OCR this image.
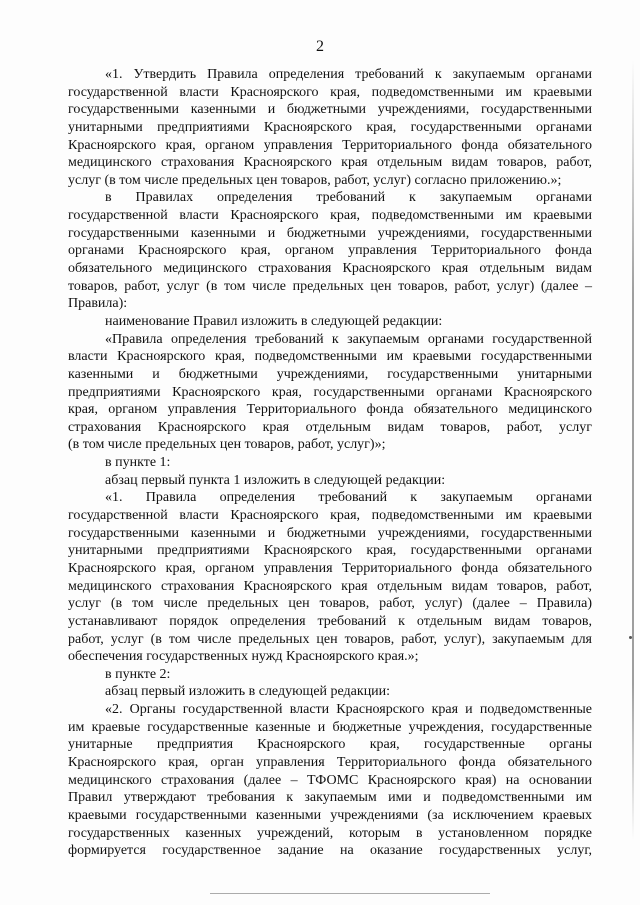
2
«1. Утвердить Правила определения требований к закупаемым органами
государственной власти Красноярского края, подведомственными им краевыми
государственными казенными и бюджетными учреждениями, государственными
унитарными предприятиями Красноярского края, государственными органами
Красноярского края, органом управления Территориального фонда обязательного
медицинского страхования Красноярского края отдельным видам товаров, работ,
услуг (в том числе предельных цен товаров, работ, услуг) согласно приложению.»;
в Правилах определения требований к закупаемым органами
государственной власти Красноярского края, подведомственными им краевыми
государственными казенными и бюджетными учреждениями, государственными
органами Красноярского края, органом управления Территориального фонда
обязательного медицинского страхования Красноярского края отдельным видам
товаров, работ, услуг (в том числе предельных цен товаров, работ, услуг) (далее –
Правила):
наименование Правил изложить в следующей редакции:
«Правила определения требований к закупаемым органами государственной
власти Красноярского края, подведомственными им краевыми государственными
казенными и бюджетными учреждениями, государственными унитарными
предприятиями Красноярского края, государственными органами Красноярского
края, органом управления Территориального фонда обязательного медицинского
страхования Красноярского края отдельным видам товаров, работ, услуг
(в том числе предельных цен товаров, работ, услуг)»;
в пункте 1:
абзац первый пункта 1 изложить в следующей редакции:
«1. Правила определения требований к закупаемым органами
государственной власти Красноярского края, подведомственными им краевыми
государственными казенными и бюджетными учреждениями, государственными
унитарными предприятиями Красноярского края, государственными органами
Красноярского края, органом управления Территориального фонда обязательного
медицинского страхования Красноярского края отдельным видам товаров, работ,
услуг (в том числе предельных цен товаров, работ, услуг) (далее – Правила)
устанавливают порядок определения требований к отдельным видам товаров,
работ, услуг (в том числе предельных цен товаров, работ, услуг), закупаемым для
обеспечения государственных нужд Красноярского края.»;
в пункте 2:
абзац первый изложить в следующей редакции:
«2. Органы государственной власти Красноярского края и подведомственные
им краевые государственные казенные и бюджетные учреждения, государственные
унитарные предприятия Красноярского края, государственные органы
Красноярского края, орган управления Территориального фонда обязательного
медицинского страхования (далее – ТФОМС Красноярского края) на основании
Правил утверждают требования к закупаемым ими и подведомственными им
краевыми государственными казенными учреждениями (за исключением краевых
государственных казенных учреждений, которым в установленном порядке
формируется государственное задание на оказание государственных услуг,
